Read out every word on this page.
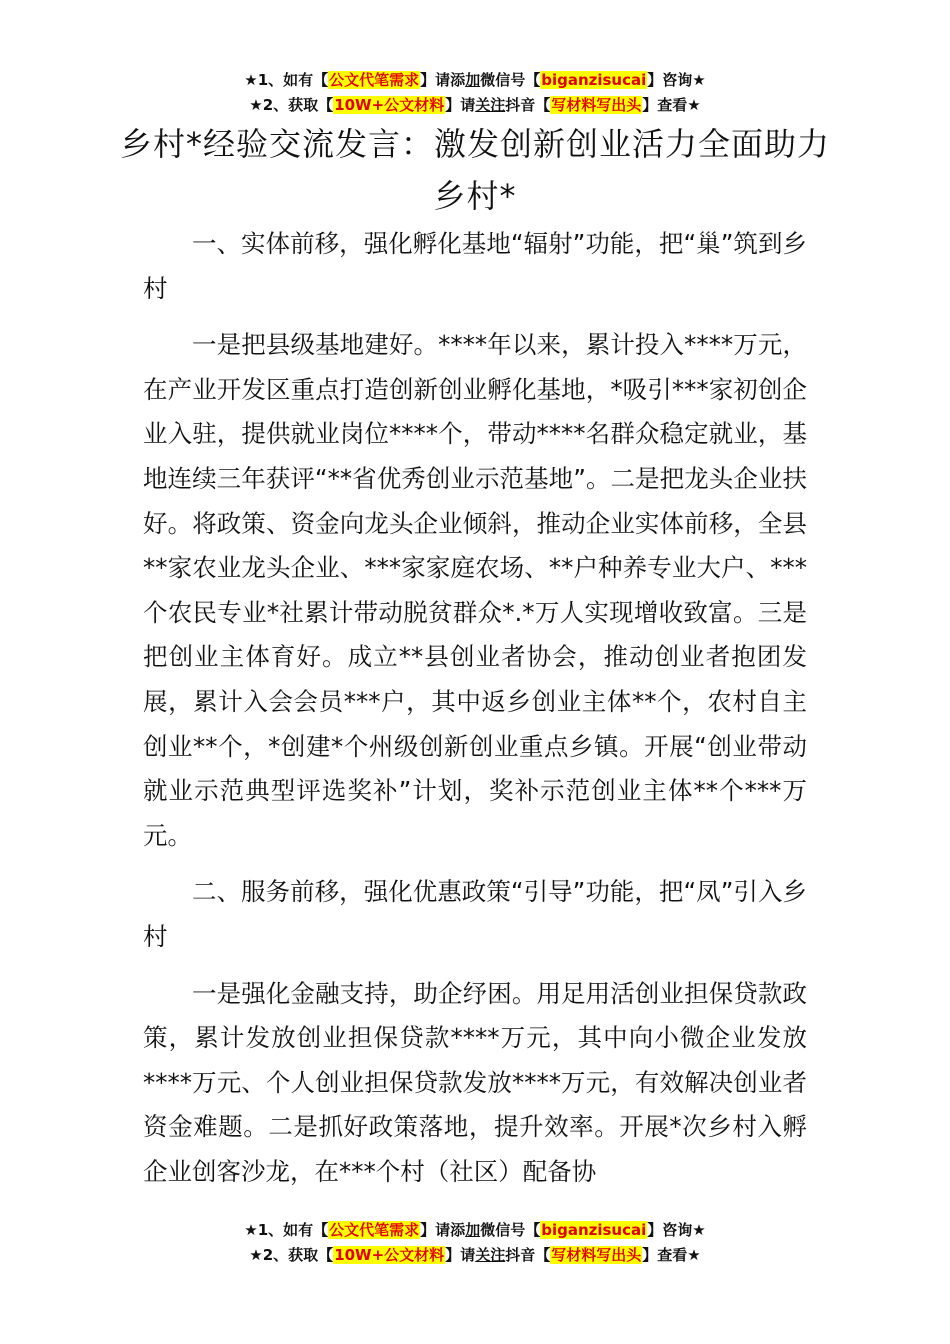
★1、如有【公文代笔需求】请添加微信号【biganzisucai】咨询★
★2、获取【10W+公文材料】请关注抖音【写材料写出头】查看★
乡村*经验交流发言：激发创新创业活力全面助力乡村*

一、实体前移，强化孵化基地“辐射”功能，把“巢”筑到乡村

一是把县级基地建好。****年以来，累计投入****万元，在产业开发区重点打造创新创业孵化基地，*吸引***家初创企业入驻，提供就业岗位****个，带动****名群众稳定就业，基地连续三年获评“**省优秀创业示范基地”。二是把龙头企业扶好。将政策、资金向龙头企业倾斜，推动企业实体前移，全县**家农业龙头企业、***家家庭农场、**户种养专业大户、***个农民专业*社累计带动脱贫群众*.*万人实现增收致富。三是把创业主体育好。成立**县创业者协会，推动创业者抱团发展，累计入会会员***户，其中返乡创业主体**个，农村自主创业**个，*创建*个州级创新创业重点乡镇。开展“创业带动就业示范典型评选奖补”计划，奖补示范创业主体**个***万元。

二、服务前移，强化优惠政策“引导”功能，把“凤”引入乡村

一是强化金融支持，助企纾困。用足用活创业担保贷款政策，累计发放创业担保贷款****万元，其中向小微企业发放****万元、个人创业担保贷款发放****万元，有效解决创业者资金难题。二是抓好政策落地，提升效率。开展*次乡村入孵企业创客沙龙，在***个村（社区）配备协

★1、如有【公文代笔需求】请添加微信号【biganzisucai】咨询★
★2、获取【10W+公文材料】请关注抖音【写材料写出头】查看★
